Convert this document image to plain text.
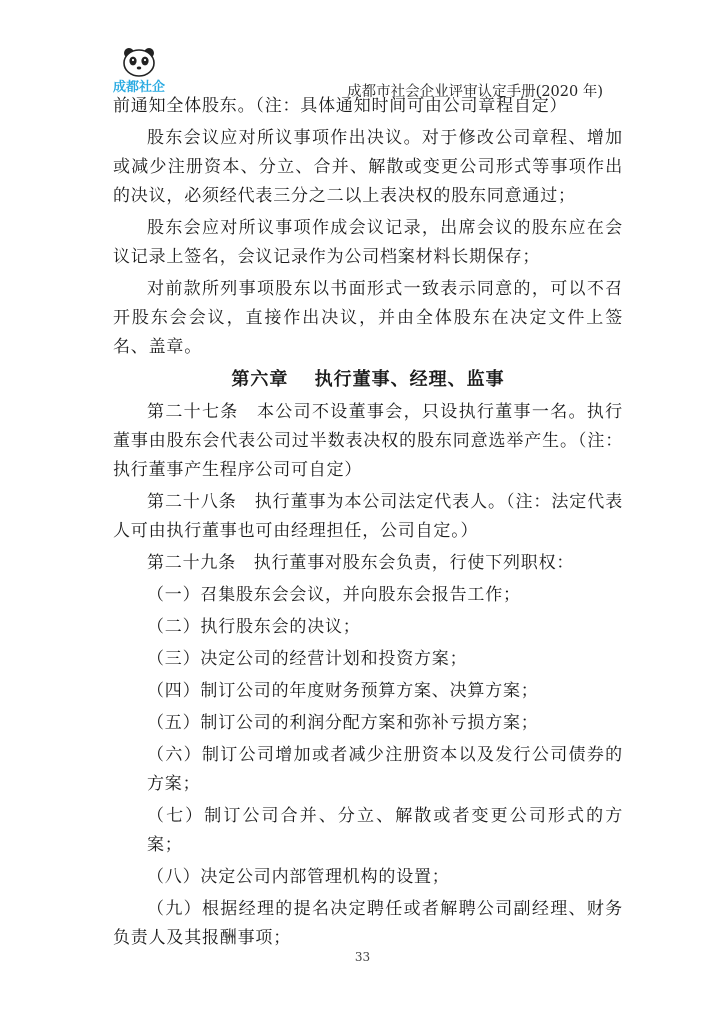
成都社企	成都市社会企业评审认定手册(2020 年)
前通知全体股东。（注：具体通知时间可由公司章程自定）
股东会议应对所议事项作出决议。对于修改公司章程、增加或减少注册资本、分立、合并、解散或变更公司形式等事项作出的决议，必须经代表三分之二以上表决权的股东同意通过；
股东会应对所议事项作成会议记录，出席会议的股东应在会议记录上签名，会议记录作为公司档案材料长期保存；
对前款所列事项股东以书面形式一致表示同意的，可以不召开股东会会议，直接作出决议，并由全体股东在决定文件上签名、盖章。
第六章　 执行董事、经理、监事
第二十七条　本公司不设董事会，只设执行董事一名。执行董事由股东会代表公司过半数表决权的股东同意选举产生。（注：执行董事产生程序公司可自定）
第二十八条　执行董事为本公司法定代表人。（注：法定代表人可由执行董事也可由经理担任，公司自定。）
第二十九条　执行董事对股东会负责，行使下列职权：
（一）召集股东会会议，并向股东会报告工作；
（二）执行股东会的决议；
（三）决定公司的经营计划和投资方案；
（四）制订公司的年度财务预算方案、决算方案；
（五）制订公司的利润分配方案和弥补亏损方案；
（六）制订公司增加或者减少注册资本以及发行公司债券的方案；
（七）制订公司合并、分立、解散或者变更公司形式的方案；
（八）决定公司内部管理机构的设置；
（九）根据经理的提名决定聘任或者解聘公司副经理、财务负责人及其报酬事项；
33
